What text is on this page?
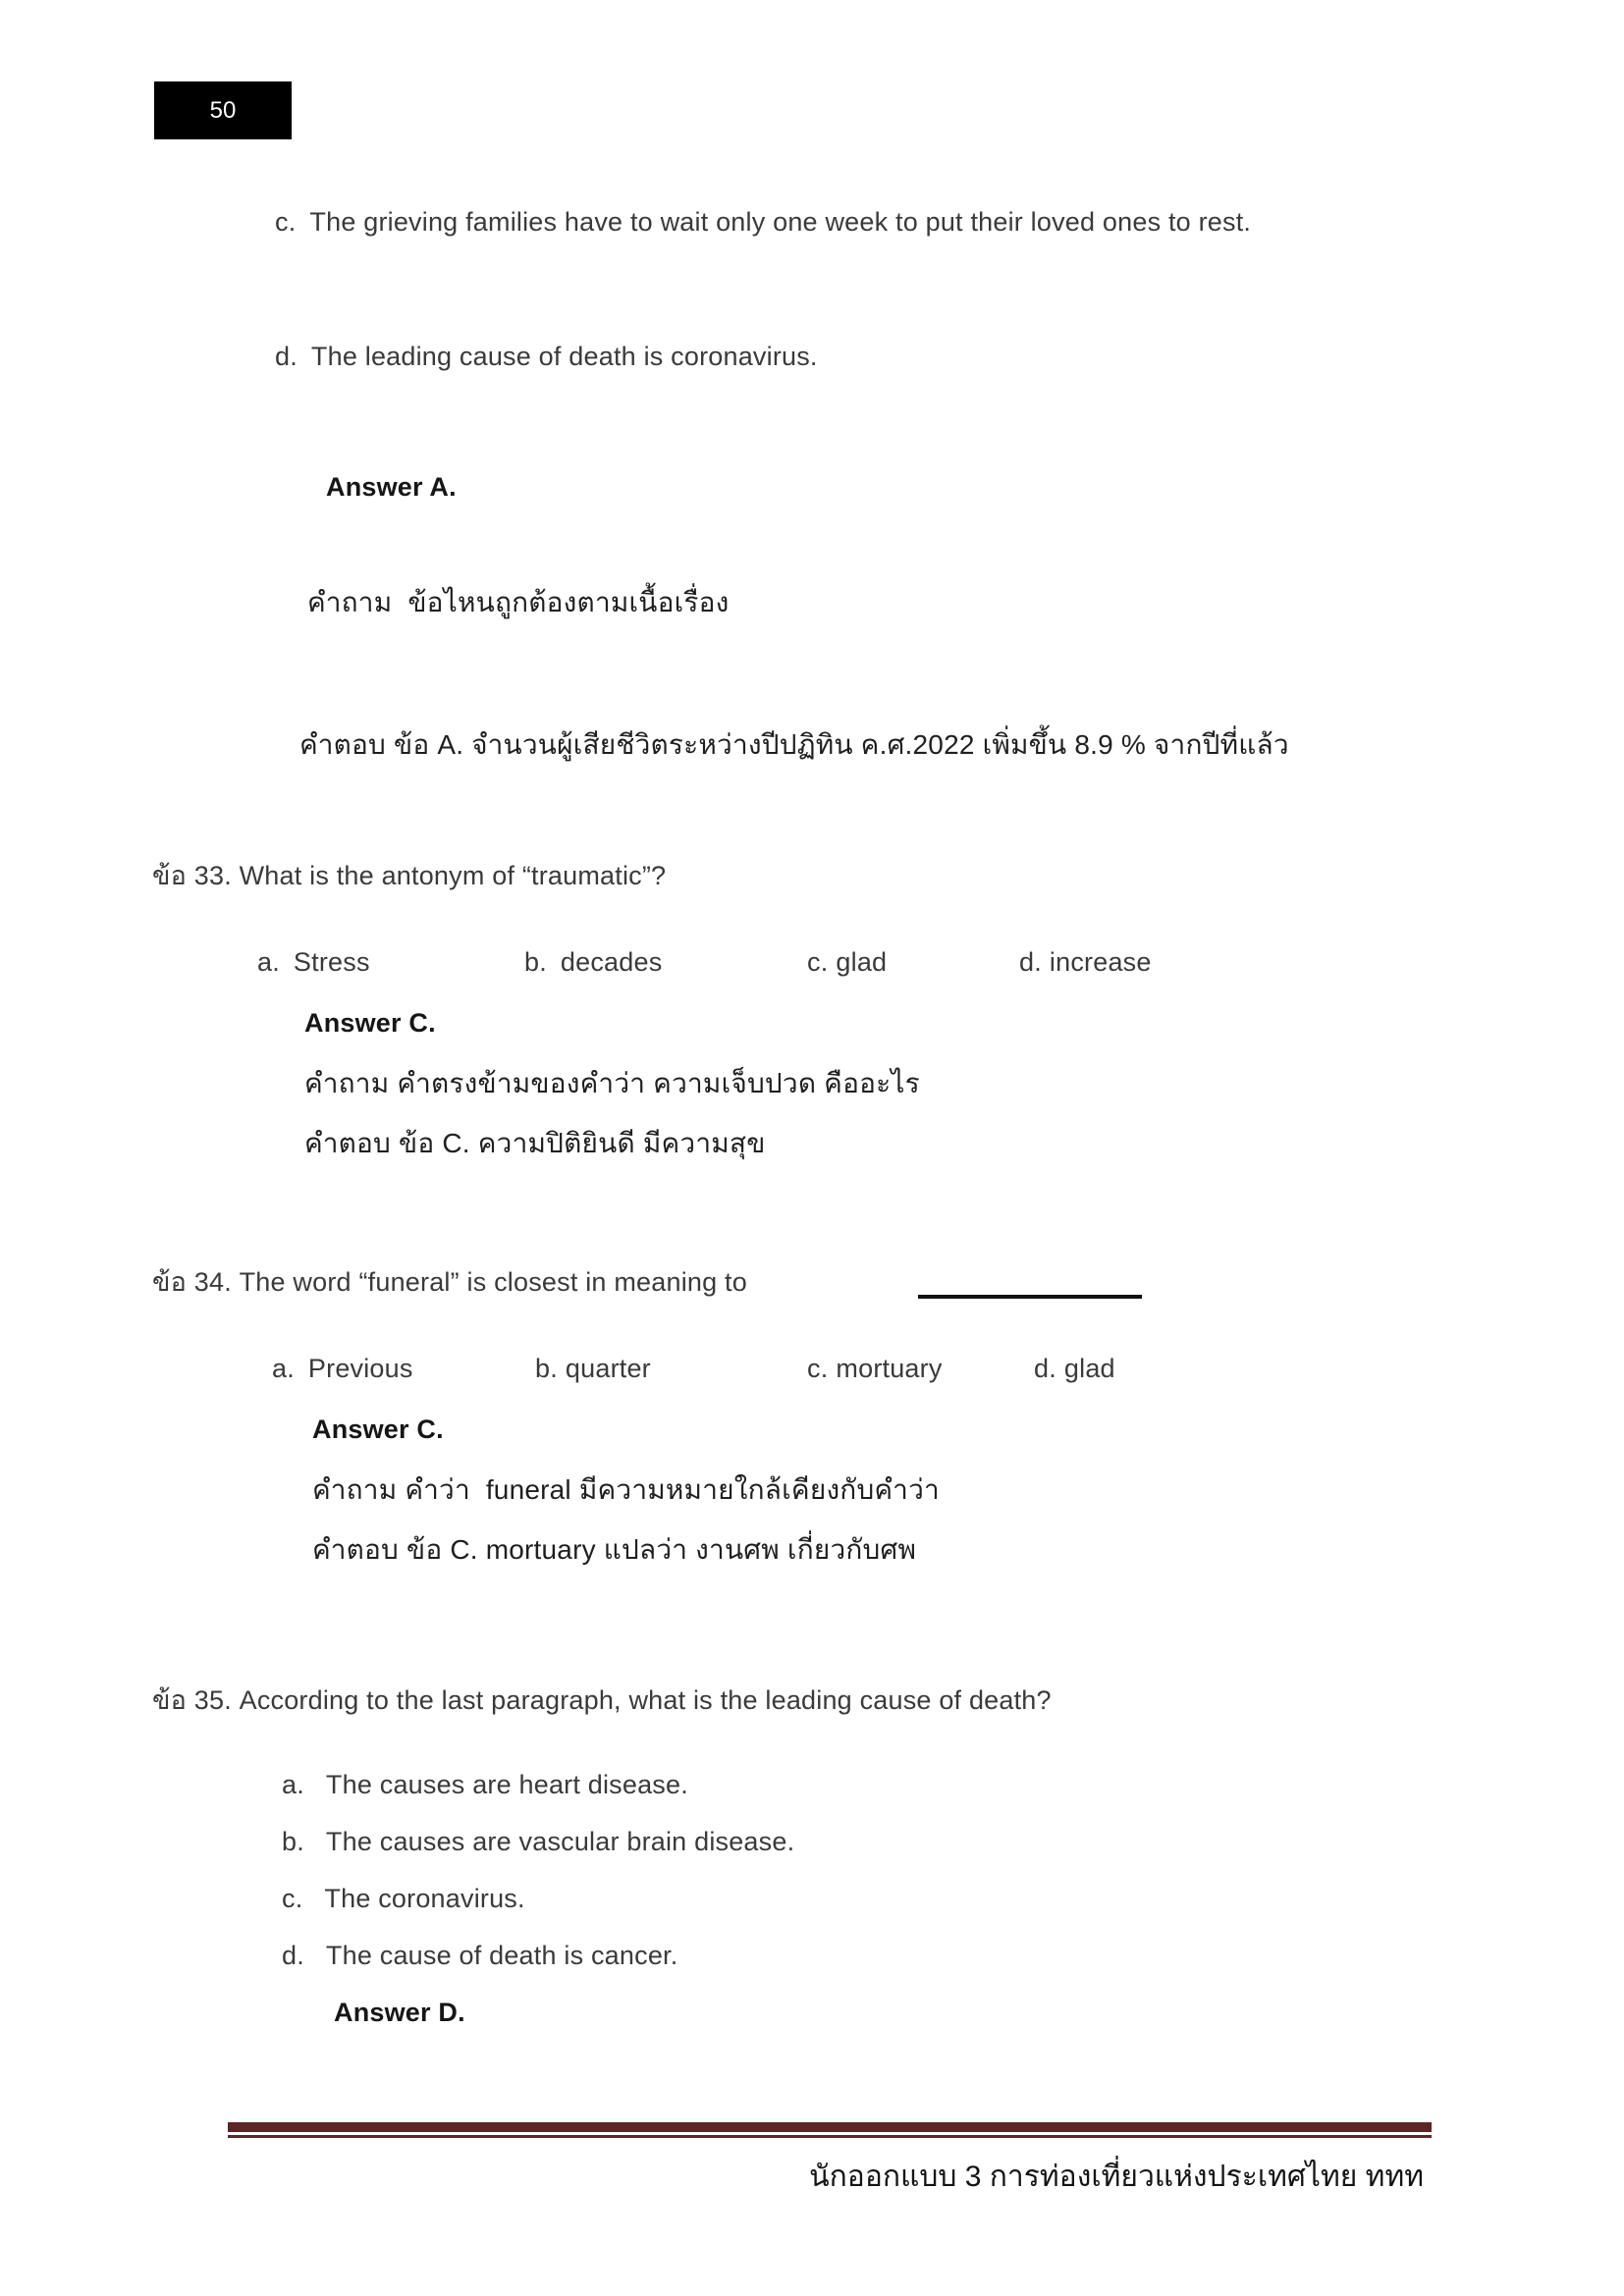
50
c. The grieving families have to wait only one week to put their loved ones to rest.
d. The leading cause of death is coronavirus.
Answer A.
คำถาม  ข้อไหนถูกต้องตามเนื้อเรื่อง
คำตอบ ข้อ A. จำนวนผู้เสียชีวิตระหว่างปีปฏิทิน ค.ศ.2022 เพิ่มขึ้น 8.9 % จากปีที่แล้ว
ข้อ 33. What is the antonym of “traumatic”?
a. Stress	b. decades	c. glad	d. increase
Answer C.
คำถาม คำตรงข้ามของคำว่า ความเจ็บปวด คืออะไร
คำตอบ ข้อ C. ความปิติยินดี มีความสุข
ข้อ 34. The word “funeral” is closest in meaning to
a. Previous	b. quarter	c. mortuary	d. glad
Answer C.
คำถาม คำว่า  funeral มีความหมายใกล้เคียงกับคำว่า
คำตอบ ข้อ C. mortuary แปลว่า งานศพ เกี่ยวกับศพ
ข้อ 35. According to the last paragraph, what is the leading cause of death?
a. The causes are heart disease.
b. The causes are vascular brain disease.
c. The coronavirus.
d. The cause of death is cancer.
Answer D.
นักออกแบบ 3 การท่องเที่ยวแห่งประเทศไทย ททท
